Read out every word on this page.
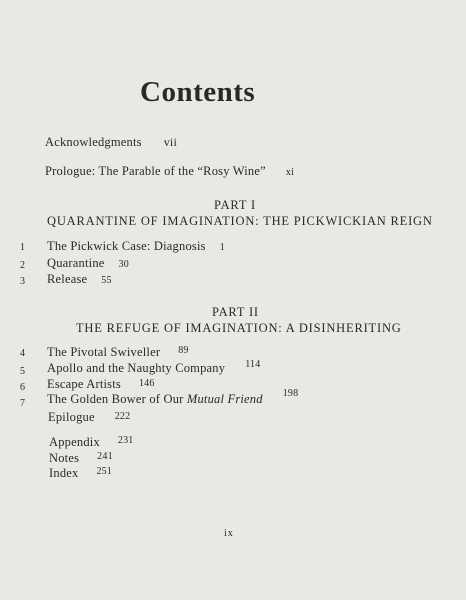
Contents
Acknowledgments vii
Prologue: The Parable of the “Rosy Wine” xi
PART I
QUARANTINE OF IMAGINATION: THE PICKWICKIAN REIGN
1 The Pickwick Case: Diagnosis 1
2 Quarantine 30
3 Release 55
PART II
THE REFUGE OF IMAGINATION: A DISINHERITING
4 The Pivotal Swiveller $^{89}$
5 Apollo and the Naughty Company $^{114}$
6 Escape Artists 146
7 The Golden Bower of Our Mutual Friend $^{198}$
Epilogue 222
Appendix $^{231}$
Notes $^{241}$
Index $^{251}$
ix
